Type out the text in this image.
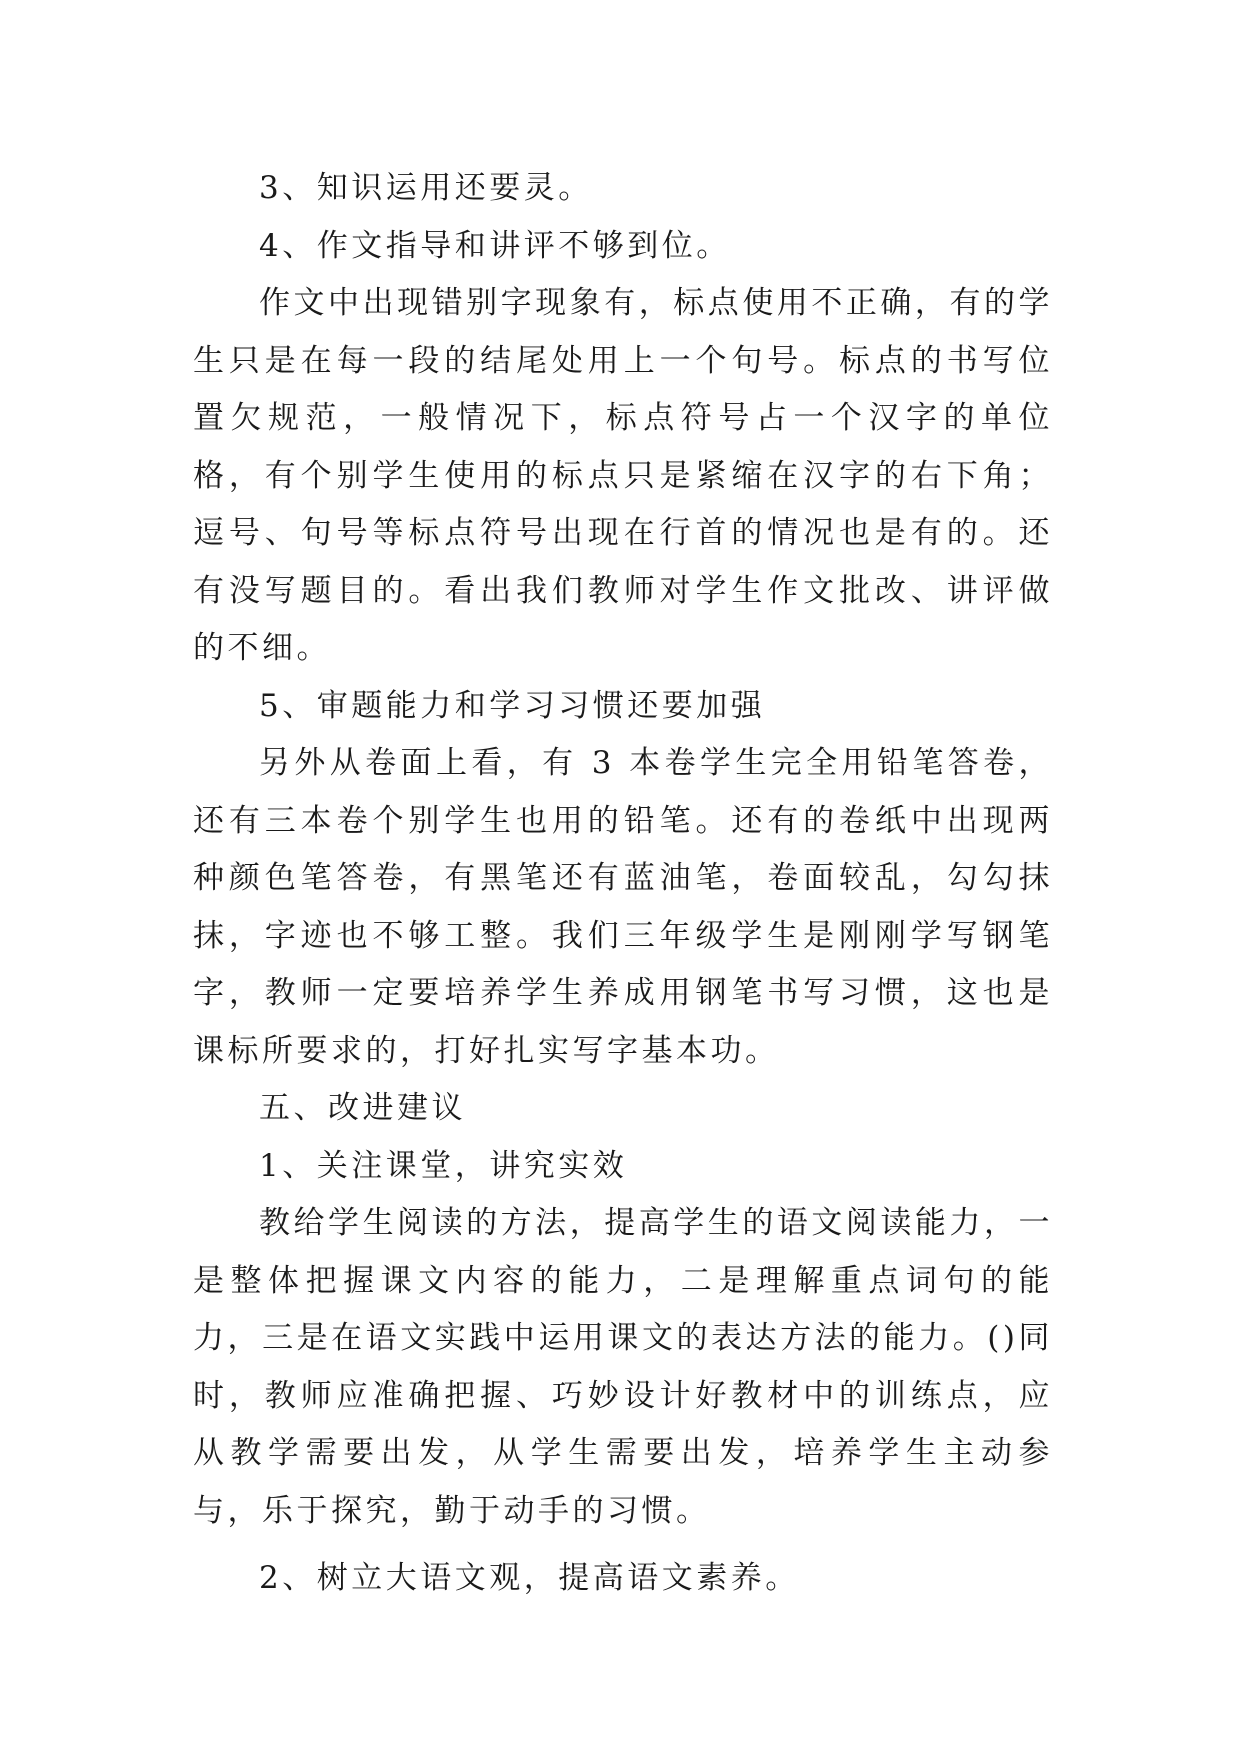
3、知识运用还要灵。

4、作文指导和讲评不够到位。

作文中出现错别字现象有，标点使用不正确，有的学生只是在每一段的结尾处用上一个句号。标点的书写位置欠规范，一般情况下，标点符号占一个汉字的单位格，有个别学生使用的标点只是紧缩在汉字的右下角；逗号、句号等标点符号出现在行首的情况也是有的。还有没写题目的。看出我们教师对学生作文批改、讲评做的不细。

5、审题能力和学习习惯还要加强

另外从卷面上看，有 3 本卷学生完全用铅笔答卷，还有三本卷个别学生也用的铅笔。还有的卷纸中出现两种颜色笔答卷，有黑笔还有蓝油笔，卷面较乱，勾勾抹抹，字迹也不够工整。我们三年级学生是刚刚学写钢笔字，教师一定要培养学生养成用钢笔书写习惯，这也是课标所要求的，打好扎实写字基本功。

五、改进建议

1、关注课堂，讲究实效

教给学生阅读的方法，提高学生的语文阅读能力，一是整体把握课文内容的能力，二是理解重点词句的能力，三是在语文实践中运用课文的表达方法的能力。()同时，教师应准确把握、巧妙设计好教材中的训练点，应从教学需要出发，从学生需要出发，培养学生主动参与，乐于探究，勤于动手的习惯。

2、树立大语文观，提高语文素养。
